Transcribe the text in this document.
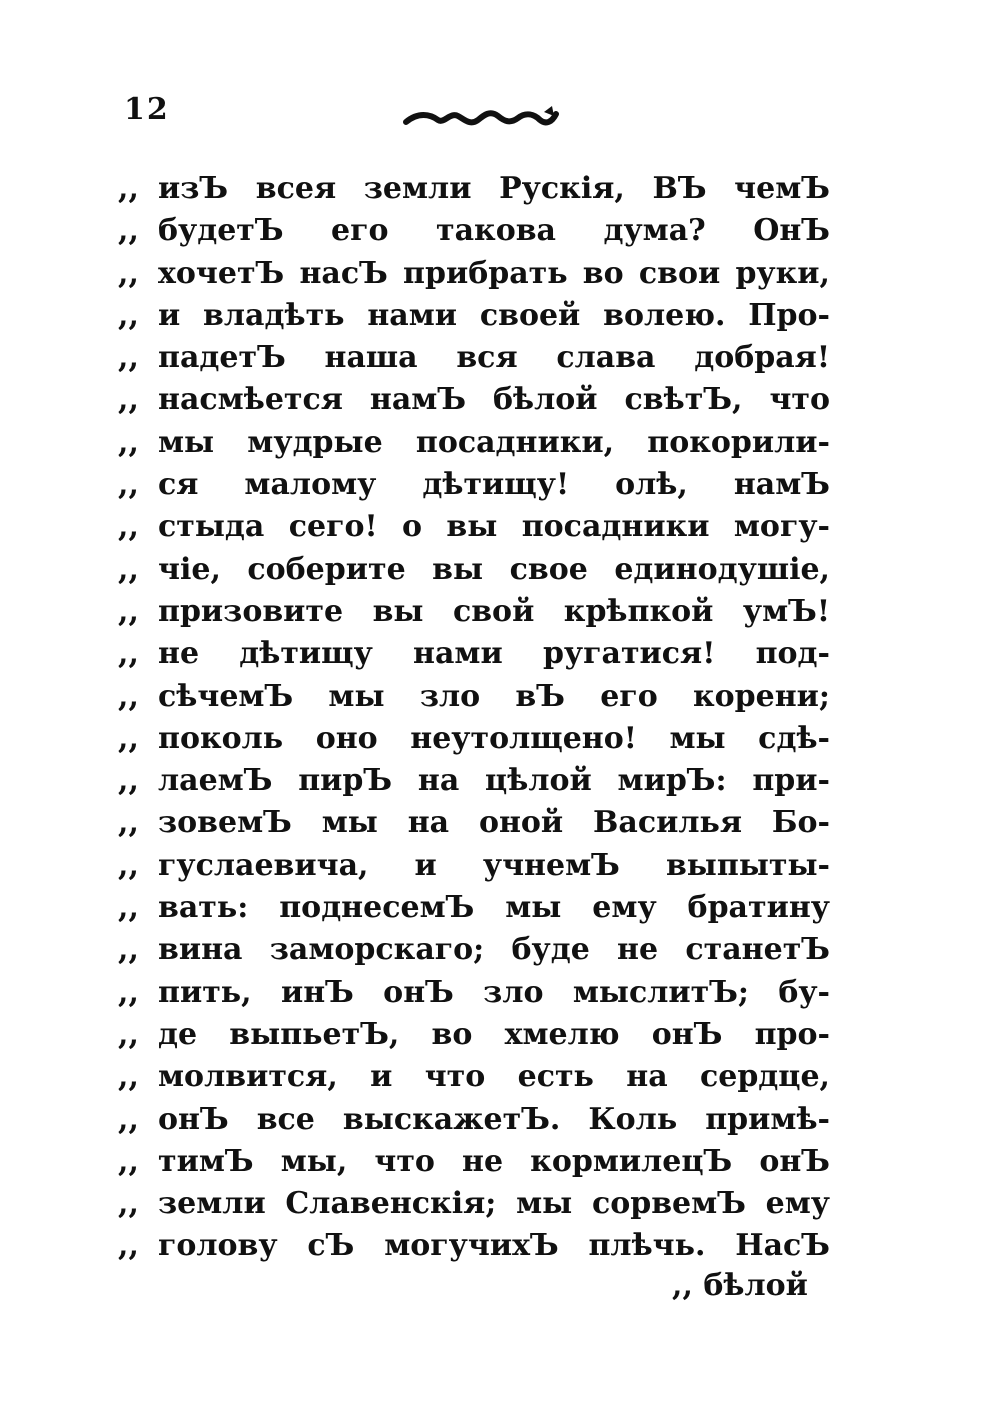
12
,, изЪ всея земли Рускія, ВЪ чемЪ
,, будетЪ его такова дума? ОнЪ
,, хочетЪ насЪ прибрать во свои руки,
,, и владѣть нами своей волею. Про-
,, падетЪ наша вся слава добрая!
,, насмѣется намЪ бѣлой свѣтЪ, что
,, мы мудрые посадники, покорили-
,, ся малому дѣтищу! олѣ, намЪ
,, стыда сего! о вы посадники могу-
,, чіе, соберите вы свое единодушіе,
,, призовите вы свой крѣпкой умЪ!
,, не дѣтищу нами ругатися! под-
,, сѣчемЪ мы зло вЪ его корени;
,, поколь оно неутолщено! мы сдѣ-
,, лаемЪ пирЪ на цѣлой мирЪ: при-
,, зовемЪ мы на оной Василья Бо-
,, гуслаевича, и учнемЪ выпыты-
,, вать: поднесемЪ мы ему братину
,, вина заморскаго; буде не станетЪ
,, пить, инЪ онЪ зло мыслитЪ; бу-
,, де выпьетЪ, во хмелю онЪ про-
,, молвится, и что есть на сердце,
,, онЪ все выскажетЪ. Коль примѣ-
,, тимЪ мы, что не кормилецЪ онЪ
,, земли Славенскія; мы сорвемЪ ему
,, голову сЪ могучихЪ плѣчь. НасЪ
,, бѣлой
